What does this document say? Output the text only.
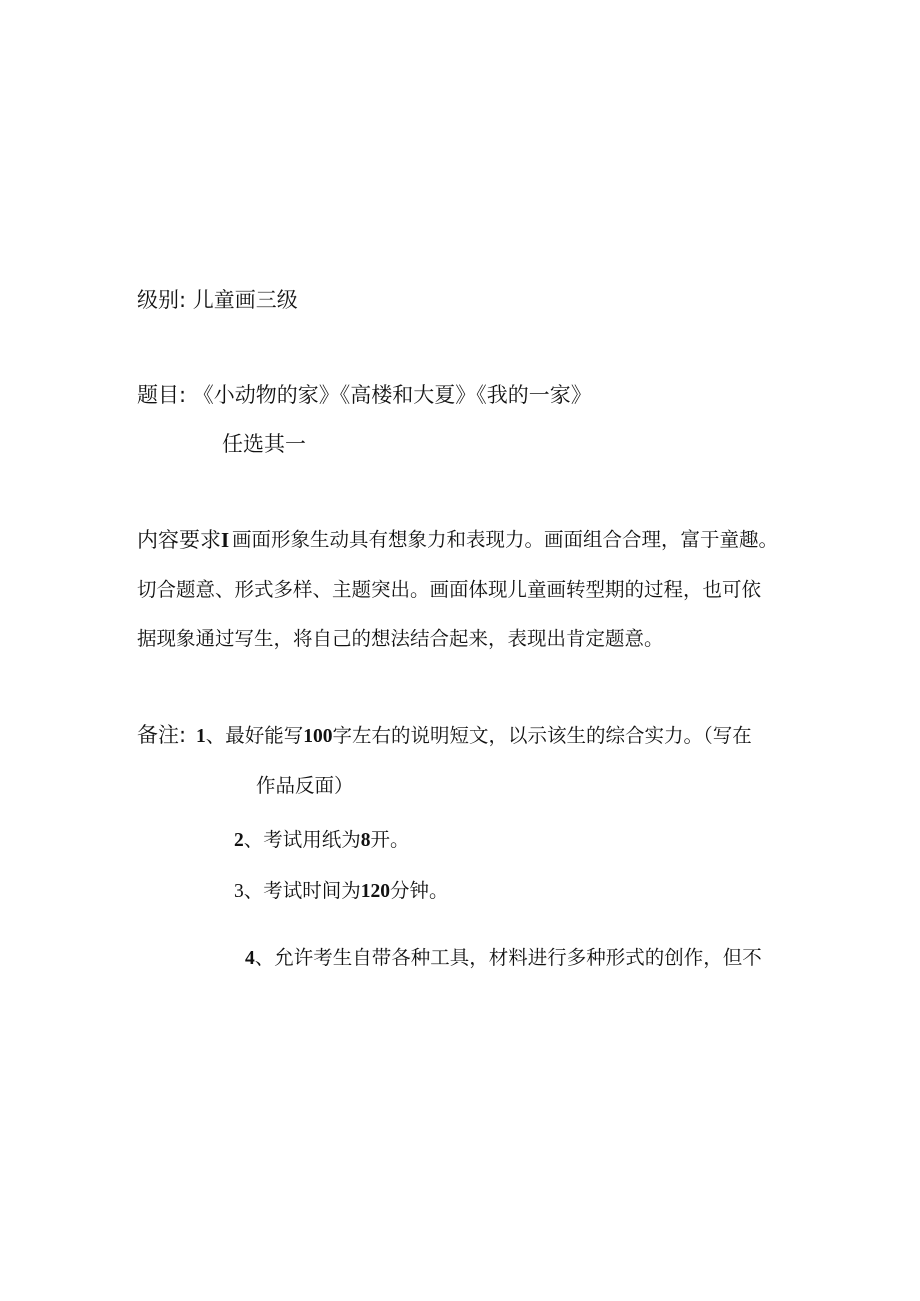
级别: 儿童画三级
题目: 《小动物的家》《高楼和大夏》《我的一家》
任选其一
内容要求I 画面形象生动具有想象力和表现力。画面组合合理，富于童趣。
切合题意、形式多样、主题突出。画面体现儿童画转型期的过程，也可依
据现象通过写生，将自己的想法结合起来，表现出肯定题意。
备注: 1、最好能写100字左右的说明短文，以示该生的综合实力。（写在
作品反面）
2、考试用纸为8开。
3、考试时间为120分钟。
4、允许考生自带各种工具，材料进行多种形式的创作，但不
